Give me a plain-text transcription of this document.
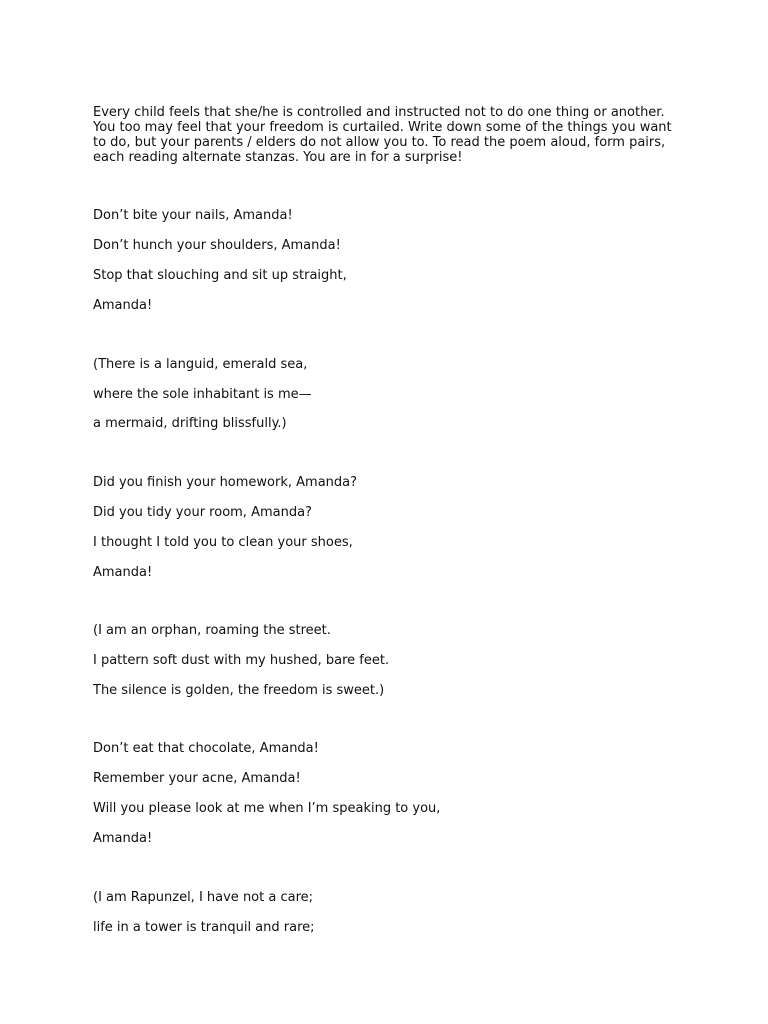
Every child feels that she/he is controlled and instructed not to do one thing or another.
You too may feel that your freedom is curtailed. Write down some of the things you want
to do, but your parents / elders do not allow you to. To read the poem aloud, form pairs,
each reading alternate stanzas. You are in for a surprise!

Don’t bite your nails, Amanda!

Don’t hunch your shoulders, Amanda!

Stop that slouching and sit up straight,

Amanda!

(There is a languid, emerald sea,

where the sole inhabitant is me—

a mermaid, drifting blissfully.)

Did you finish your homework, Amanda?

Did you tidy your room, Amanda?

I thought I told you to clean your shoes,

Amanda!

(I am an orphan, roaming the street.

I pattern soft dust with my hushed, bare feet.

The silence is golden, the freedom is sweet.)

Don’t eat that chocolate, Amanda!

Remember your acne, Amanda!

Will you please look at me when I’m speaking to you,

Amanda!

(I am Rapunzel, I have not a care;

life in a tower is tranquil and rare;
